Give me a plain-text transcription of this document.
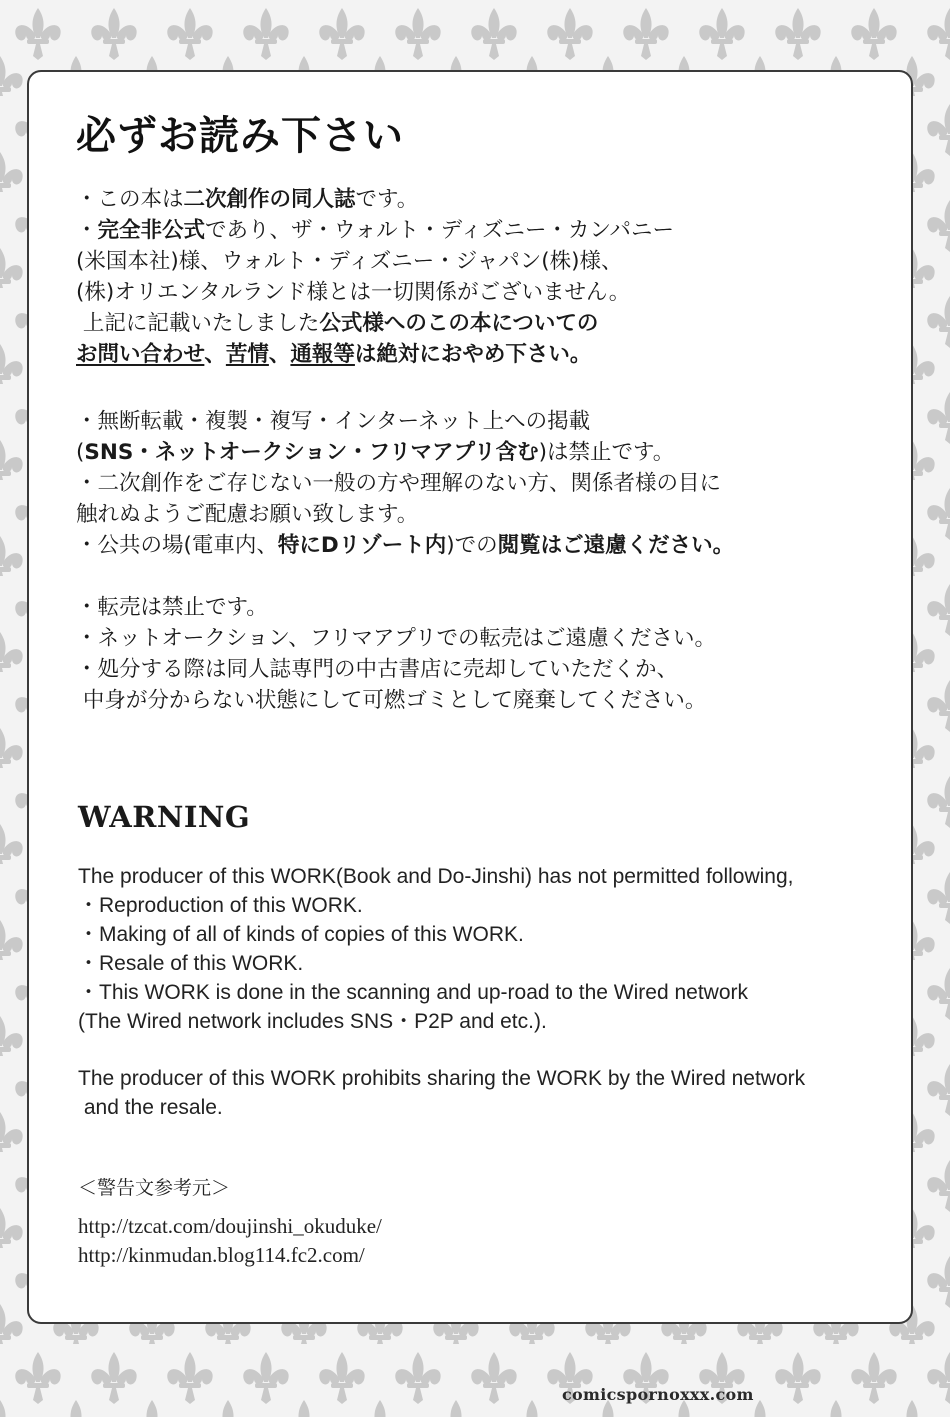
必ずお読み下さい
・この本は二次創作の同人誌です。
・完全非公式であり、ザ・ウォルト・ディズニー・カンパニー
(米国本社)様、ウォルト・ディズニー・ジャパン(株)様、
(株)オリエンタルランド様とは一切関係がございません。
上記に記載いたしました公式様へのこの本についての
お問い合わせ、苦情、通報等は絶対におやめ下さい。
・無断転載・複製・複写・インターネット上への掲載
(SNS・ネットオークション・フリマアプリ含む)は禁止です。
・二次創作をご存じない一般の方や理解のない方、関係者様の目に
触れぬようご配慮お願い致します。
・公共の場(電車内、特にDリゾート内)での閲覧はご遠慮ください。
・転売は禁止です。
・ネットオークション、フリマアプリでの転売はご遠慮ください。
・処分する際は同人誌専門の中古書店に売却していただくか、
中身が分からない状態にして可燃ゴミとして廃棄してください。
WARNING
The producer of this WORK(Book and Do-Jinshi) has not permitted following,
・Reproduction of this WORK.
・Making of all of kinds of copies of this WORK.
・Resale of this WORK.
・This WORK is done in the scanning and up-road to the Wired network
(The Wired network includes SNS・P2P and etc.).
The producer of this WORK prohibits sharing the WORK by the Wired network
and the resale.
＜警告文参考元＞
http://tzcat.com/doujinshi_okuduke/
http://kinmudan.blog114.fc2.com/
comicspornoxxx.com
